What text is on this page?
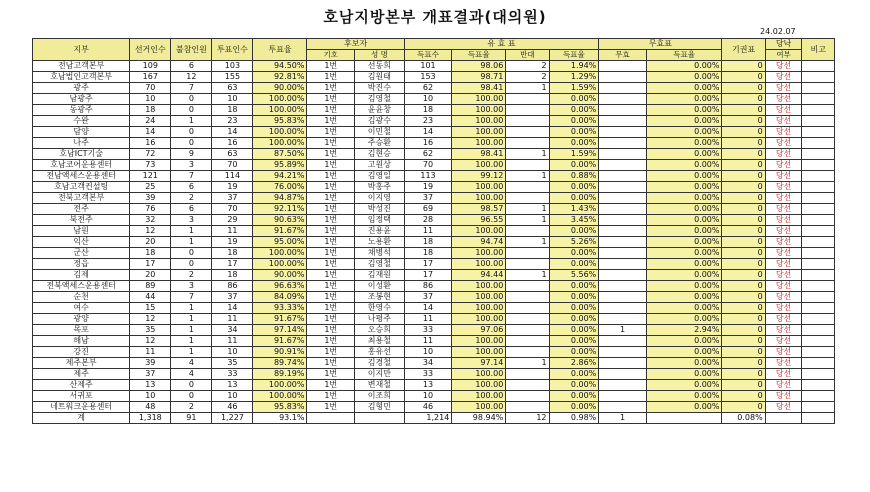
호남지방본부 개표결과(대의원)
24.02.07
지부	선거인수	불참인원	투표인수	투표율	후보자		유 효 표				무효표		기권표	당낙	비고
					기호	성 명	득표수	득표율	반대	득표율	무효	득표율		여부	
전남고객본부	109	6	103	94.50%	1번	선동희	101	98.06	2	1.94%		0.00%	0	당선	
호남법인고객본부	167	12	155	92.81%	1번	김원태	153	98.71	2	1.29%		0.00%	0	당선	
광주	70	7	63	90.00%	1번	박진수	62	98.41	1	1.59%		0.00%	0	당선	
남광주	10	0	10	100.00%	1번	김영철	10	100.00		0.00%		0.00%	0	당선	
동광주	18	0	18	100.00%	1번	윤윤창	18	100.00		0.00%		0.00%	0	당선	
수완	24	1	23	95.83%	1번	김광수	23	100.00		0.00%		0.00%	0	당선	
담양	14	0	14	100.00%	1번	이민철	14	100.00		0.00%		0.00%	0	당선	
나주	16	0	16	100.00%	1번	주승환	16	100.00		0.00%		0.00%	0	당선	
호남ICT기술	72	9	63	87.50%	1번	김현승	62	98.41	1	1.59%		0.00%	0	당선	
호남코어운용센터	73	3	70	95.89%	1번	고원상	70	100.00		0.00%		0.00%	0	당선	
전남액세스운용센터	121	7	114	94.21%	1번	김영일	113	99.12	1	0.88%		0.00%	0	당선	
호남고객컨설팅	25	6	19	76.00%	1번	박홍주	19	100.00		0.00%		0.00%	0	당선	
전북고객본부	39	2	37	94.87%	1번	이지영	37	100.00		0.00%		0.00%	0	당선	
전주	76	6	70	92.11%	1번	박성진	69	98.57	1	1.43%		0.00%	0	당선	
북전주	32	3	29	90.63%	1번	임정택	28	96.55	1	3.45%		0.00%	0	당선	
남원	12	1	11	91.67%	1번	진용윤	11	100.00		0.00%		0.00%	0	당선	
익산	20	1	19	95.00%	1번	노용환	18	94.74	1	5.26%		0.00%	0	당선	
군산	18	0	18	100.00%	1번	채병석	18	100.00		0.00%		0.00%	0	당선	
정읍	17	0	17	100.00%	1번	김영철	17	100.00		0.00%		0.00%	0	당선	
김제	20	2	18	90.00%	1번	김재원	17	94.44	1	5.56%		0.00%	0	당선	
전북액세스운용센터	89	3	86	96.63%	1번	이성환	86	100.00		0.00%		0.00%	0	당선	
순천	44	7	37	84.09%	1번	조봉현	37	100.00		0.00%		0.00%	0	당선	
여수	15	1	14	93.33%	1번	한영수	14	100.00		0.00%		0.00%	0	당선	
광양	12	1	11	91.67%	1번	나평주	11	100.00		0.00%		0.00%	0	당선	
목포	35	1	34	97.14%	1번	오승희	33	97.06		0.00%	1	2.94%	0	당선	
해남	12	1	11	91.67%	1번	최용철	11	100.00		0.00%		0.00%	0	당선	
강진	11	1	10	90.91%	1번	홍유선	10	100.00		0.00%		0.00%	0	당선	
제주본부	39	4	35	89.74%	1번	김경철	34	97.14	1	2.86%		0.00%	0	당선	
제주	37	4	33	89.19%	1번	이지만	33	100.00		0.00%		0.00%	0	당선	
산제주	13	0	13	100.00%	1번	변재철	13	100.00		0.00%		0.00%	0	당선	
서귀포	10	0	10	100.00%	1번	이조희	10	100.00		0.00%		0.00%	0	당선	
네트워크운용센터	48	2	46	95.83%	1번	김형민	46	100.00		0.00%		0.00%	0	당선	
계	1,318	91	1,227	93.1%			1,214	98.94%	12	0.98%	1		0.08%		
